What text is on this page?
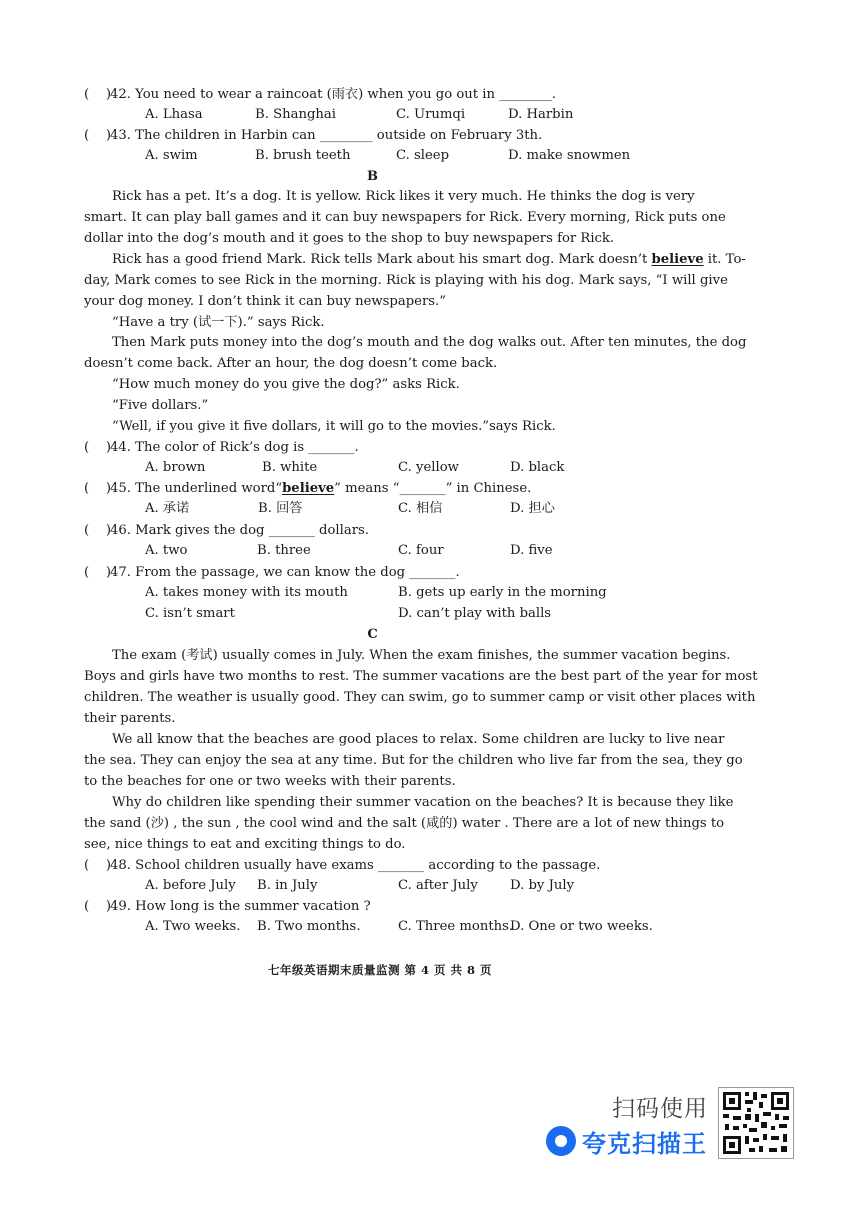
(    )
42. You need to wear a raincoat (雨衣) when you go out in ________.
A. Lhasa	B. Shanghai	C. Urumqi	D. Harbin
(    )
43. The children in Harbin can ________ outside on February 3th.
A. swim	B. brush teeth	C. sleep	D. make snowmen
B
Rick has a pet. It’s a dog. It is yellow. Rick likes it very much. He thinks the dog is very
smart. It can play ball games and it can buy newspapers for Rick. Every morning, Rick puts one
dollar into the dog’s mouth and it goes to the shop to buy newspapers for Rick.
Rick has a good friend Mark. Rick tells Mark about his smart dog. Mark doesn’t believe it. To-
day, Mark comes to see Rick in the morning. Rick is playing with his dog. Mark says, “I will give
your dog money. I don’t think it can buy newspapers.”
“Have a try (试一下).” says Rick.
Then Mark puts money into the dog’s mouth and the dog walks out. After ten minutes, the dog
doesn’t come back. After an hour, the dog doesn’t come back.
“How much money do you give the dog?” asks Rick.
“Five dollars.”
“Well, if you give it five dollars, it will go to the movies.”says Rick.
(    )
44. The color of Rick’s dog is _______.
A. brown	B. white	C. yellow	D. black
(    )
45. The underlined word“believe” means “_______” in Chinese.
A. 承诺	B. 回答	C. 相信	D. 担心
(    )
46. Mark gives the dog _______ dollars.
A. two	B. three	C. four	D. five
(    )
47. From the passage, we can know the dog _______.
A. takes money with its mouth	B. gets up early in the morning
C. isn’t smart	D. can’t play with balls
C
The exam (考试) usually comes in July. When the exam finishes, the summer vacation begins.
Boys and girls have two months to rest. The summer vacations are the best part of the year for most
children. The weather is usually good. They can swim, go to summer camp or visit other places with
their parents.
We all know that the beaches are good places to relax. Some children are lucky to live near
the sea. They can enjoy the sea at any time. But for the children who live far from the sea, they go
to the beaches for one or two weeks with their parents.
Why do children like spending their summer vacation on the beaches? It is because they like
the sand (沙) , the sun , the cool wind and the salt (咸的) water . There are a lot of new things to
see, nice things to eat and exciting things to do.
(    )
48. School children usually have exams _______ according to the passage.
A. before July B. in July	C. after July D. by July
(    )
49. How long is the summer vacation ?
A. Two weeks. B. Two months.	C. Three months.
D. One or two weeks.
七年级英语期末质量监测 第 4 页 共 8 页
扫码使用
夸克扫描王
